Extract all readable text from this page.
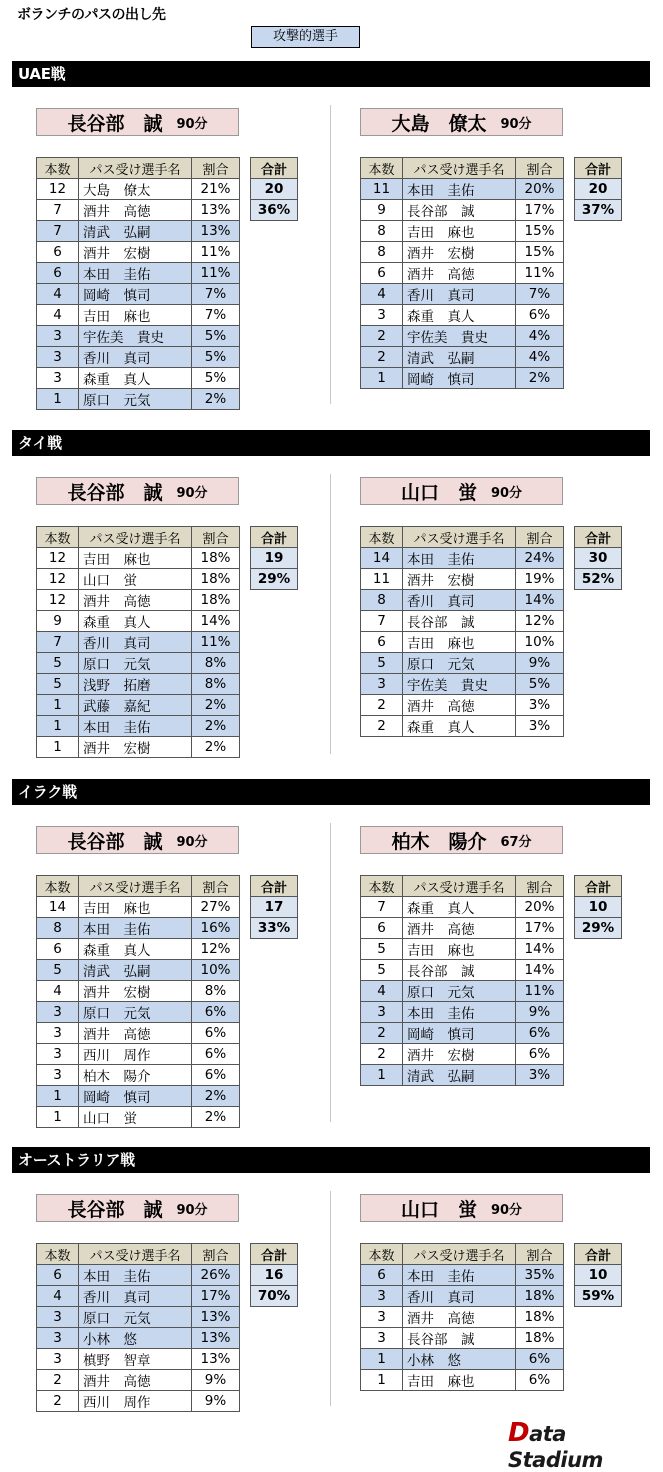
ボランチのパスの出し先
攻撃的選手
UAE戦
長谷部　誠 90分
本数	パス受け選手名	割合
12	大島　僚太	21%
7	酒井　高徳	13%
7	清武　弘嗣	13%
6	酒井　宏樹	11%
6	本田　圭佑	11%
4	岡崎　慎司	7%
4	吉田　麻也	7%
3	宇佐美　貴史	5%
3	香川　真司	5%
3	森重　真人	5%
1	原口　元気	2%
合計
20
36%
大島　僚太 90分
本数	パス受け選手名	割合
11	本田　圭佑	20%
9	長谷部　誠	17%
8	吉田　麻也	15%
8	酒井　宏樹	15%
6	酒井　高徳	11%
4	香川　真司	7%
3	森重　真人	6%
2	宇佐美　貴史	4%
2	清武　弘嗣	4%
1	岡崎　慎司	2%
合計
20
37%
タイ戦
長谷部　誠 90分
本数	パス受け選手名	割合
12	吉田　麻也	18%
12	山口　蛍	18%
12	酒井　高徳	18%
9	森重　真人	14%
7	香川　真司	11%
5	原口　元気	8%
5	浅野　拓磨	8%
1	武藤　嘉紀	2%
1	本田　圭佑	2%
1	酒井　宏樹	2%
合計
19
29%
山口　蛍 90分
本数	パス受け選手名	割合
14	本田　圭佑	24%
11	酒井　宏樹	19%
8	香川　真司	14%
7	長谷部　誠	12%
6	吉田　麻也	10%
5	原口　元気	9%
3	宇佐美　貴史	5%
2	酒井　高徳	3%
2	森重　真人	3%
合計
30
52%
イラク戦
長谷部　誠 90分
本数	パス受け選手名	割合
14	吉田　麻也	27%
8	本田　圭佑	16%
6	森重　真人	12%
5	清武　弘嗣	10%
4	酒井　宏樹	8%
3	原口　元気	6%
3	酒井　高徳	6%
3	西川　周作	6%
3	柏木　陽介	6%
1	岡崎　慎司	2%
1	山口　蛍	2%
合計
17
33%
柏木　陽介 67分
本数	パス受け選手名	割合
7	森重　真人	20%
6	酒井　高徳	17%
5	吉田　麻也	14%
5	長谷部　誠	14%
4	原口　元気	11%
3	本田　圭佑	9%
2	岡崎　慎司	6%
2	酒井　宏樹	6%
1	清武　弘嗣	3%
合計
10
29%
オーストラリア戦
長谷部　誠 90分
本数	パス受け選手名	割合
6	本田　圭佑	26%
4	香川　真司	17%
3	原口　元気	13%
3	小林　悠	13%
3	槙野　智章	13%
2	酒井　高徳	9%
2	西川　周作	9%
合計
16
70%
山口　蛍 90分
本数	パス受け選手名	割合
6	本田　圭佑	35%
3	香川　真司	18%
3	酒井　高徳	18%
3	長谷部　誠	18%
1	小林　悠	6%
1	吉田　麻也	6%
合計
10
59%
Data Stadium
